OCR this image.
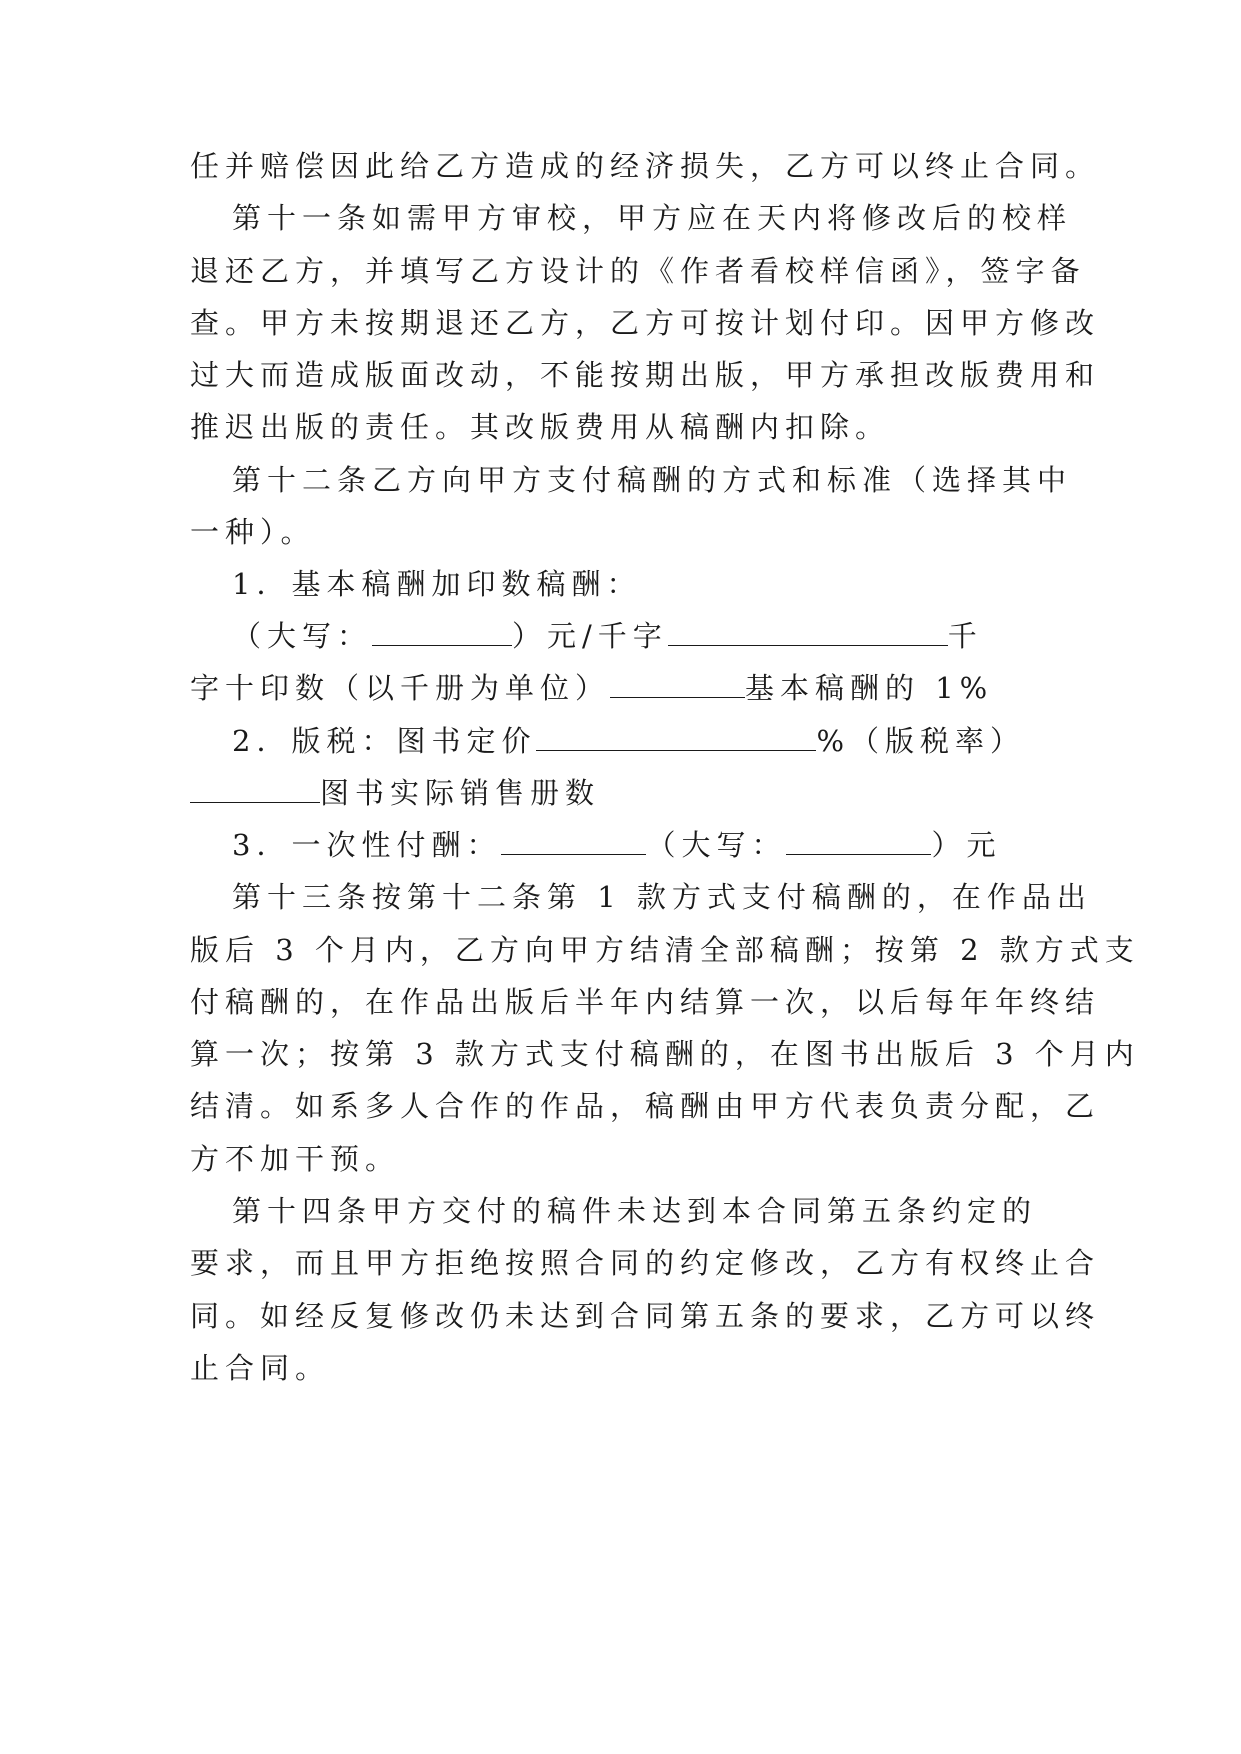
任并赔偿因此给乙方造成的经济损失，乙方可以终止合同。
第十一条如需甲方审校，甲方应在天内将修改后的校样
退还乙方，并填写乙方设计的《作者看校样信函》，签字备
查。甲方未按期退还乙方，乙方可按计划付印。因甲方修改
过大而造成版面改动，不能按期出版，甲方承担改版费用和
推迟出版的责任。其改版费用从稿酬内扣除。
第十二条乙方向甲方支付稿酬的方式和标准（选择其中
一种）。
1．基本稿酬加印数稿酬：
（大写：	）元/千字	千
字十印数（以千册为单位）	基本稿酬的 1%
2．版税：图书定价	%（版税率）
图书实际销售册数
3．一次性付酬：	（大写：	）元
第十三条按第十二条第 1 款方式支付稿酬的，在作品出
版后 3 个月内，乙方向甲方结清全部稿酬；按第 2 款方式支
付稿酬的，在作品出版后半年内结算一次，以后每年年终结
算一次；按第 3 款方式支付稿酬的，在图书出版后 3 个月内
结清。如系多人合作的作品，稿酬由甲方代表负责分配，乙
方不加干预。
第十四条甲方交付的稿件未达到本合同第五条约定的
要求，而且甲方拒绝按照合同的约定修改，乙方有权终止合
同。如经反复修改仍未达到合同第五条的要求，乙方可以终
止合同。
